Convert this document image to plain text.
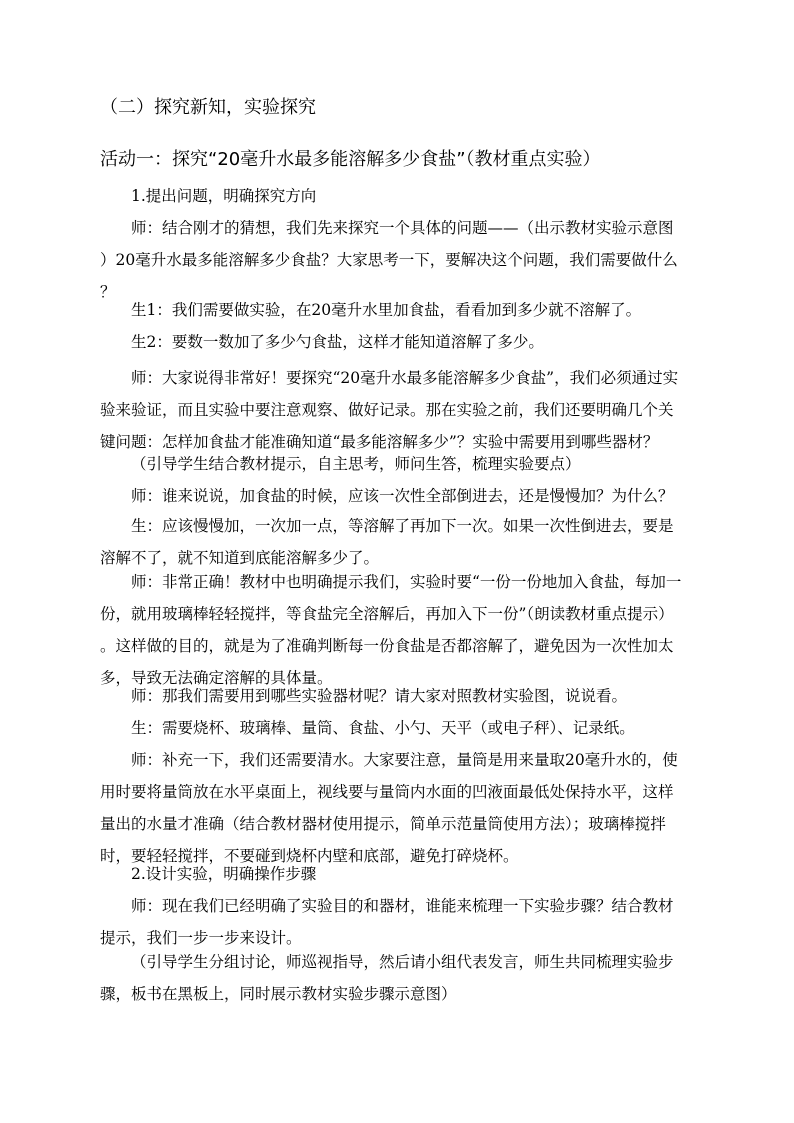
（二）探究新知，实验探究
活动一：探究“20毫升水最多能溶解多少食盐”（教材重点实验）
1.提出问题，明确探究方向
师：结合刚才的猜想，我们先来探究一个具体的问题——（出示教材实验示意图
）20毫升水最多能溶解多少食盐？大家思考一下，要解决这个问题，我们需要做什么
？
生1：我们需要做实验，在20毫升水里加食盐，看看加到多少就不溶解了。
生2：要数一数加了多少勺食盐，这样才能知道溶解了多少。
师：大家说得非常好！要探究“20毫升水最多能溶解多少食盐”，我们必须通过实
验来验证，而且实验中要注意观察、做好记录。那在实验之前，我们还要明确几个关
键问题：怎样加食盐才能准确知道“最多能溶解多少”？实验中需要用到哪些器材？
（引导学生结合教材提示，自主思考，师问生答，梳理实验要点）
师：谁来说说，加食盐的时候，应该一次性全部倒进去，还是慢慢加？为什么？
生：应该慢慢加，一次加一点，等溶解了再加下一次。如果一次性倒进去，要是
溶解不了，就不知道到底能溶解多少了。
师：非常正确！教材中也明确提示我们，实验时要“一份一份地加入食盐，每加一
份，就用玻璃棒轻轻搅拌，等食盐完全溶解后，再加入下一份”（朗读教材重点提示）
。这样做的目的，就是为了准确判断每一份食盐是否都溶解了，避免因为一次性加太
多，导致无法确定溶解的具体量。
师：那我们需要用到哪些实验器材呢？请大家对照教材实验图，说说看。
生：需要烧杯、玻璃棒、量筒、食盐、小勺、天平（或电子秤）、记录纸。
师：补充一下，我们还需要清水。大家要注意，量筒是用来量取20毫升水的，使
用时要将量筒放在水平桌面上，视线要与量筒内水面的凹液面最低处保持水平，这样
量出的水量才准确（结合教材器材使用提示，简单示范量筒使用方法）；玻璃棒搅拌
时，要轻轻搅拌，不要碰到烧杯内壁和底部，避免打碎烧杯。
2.设计实验，明确操作步骤
师：现在我们已经明确了实验目的和器材，谁能来梳理一下实验步骤？结合教材
提示，我们一步一步来设计。
（引导学生分组讨论，师巡视指导，然后请小组代表发言，师生共同梳理实验步
骤，板书在黑板上，同时展示教材实验步骤示意图）
